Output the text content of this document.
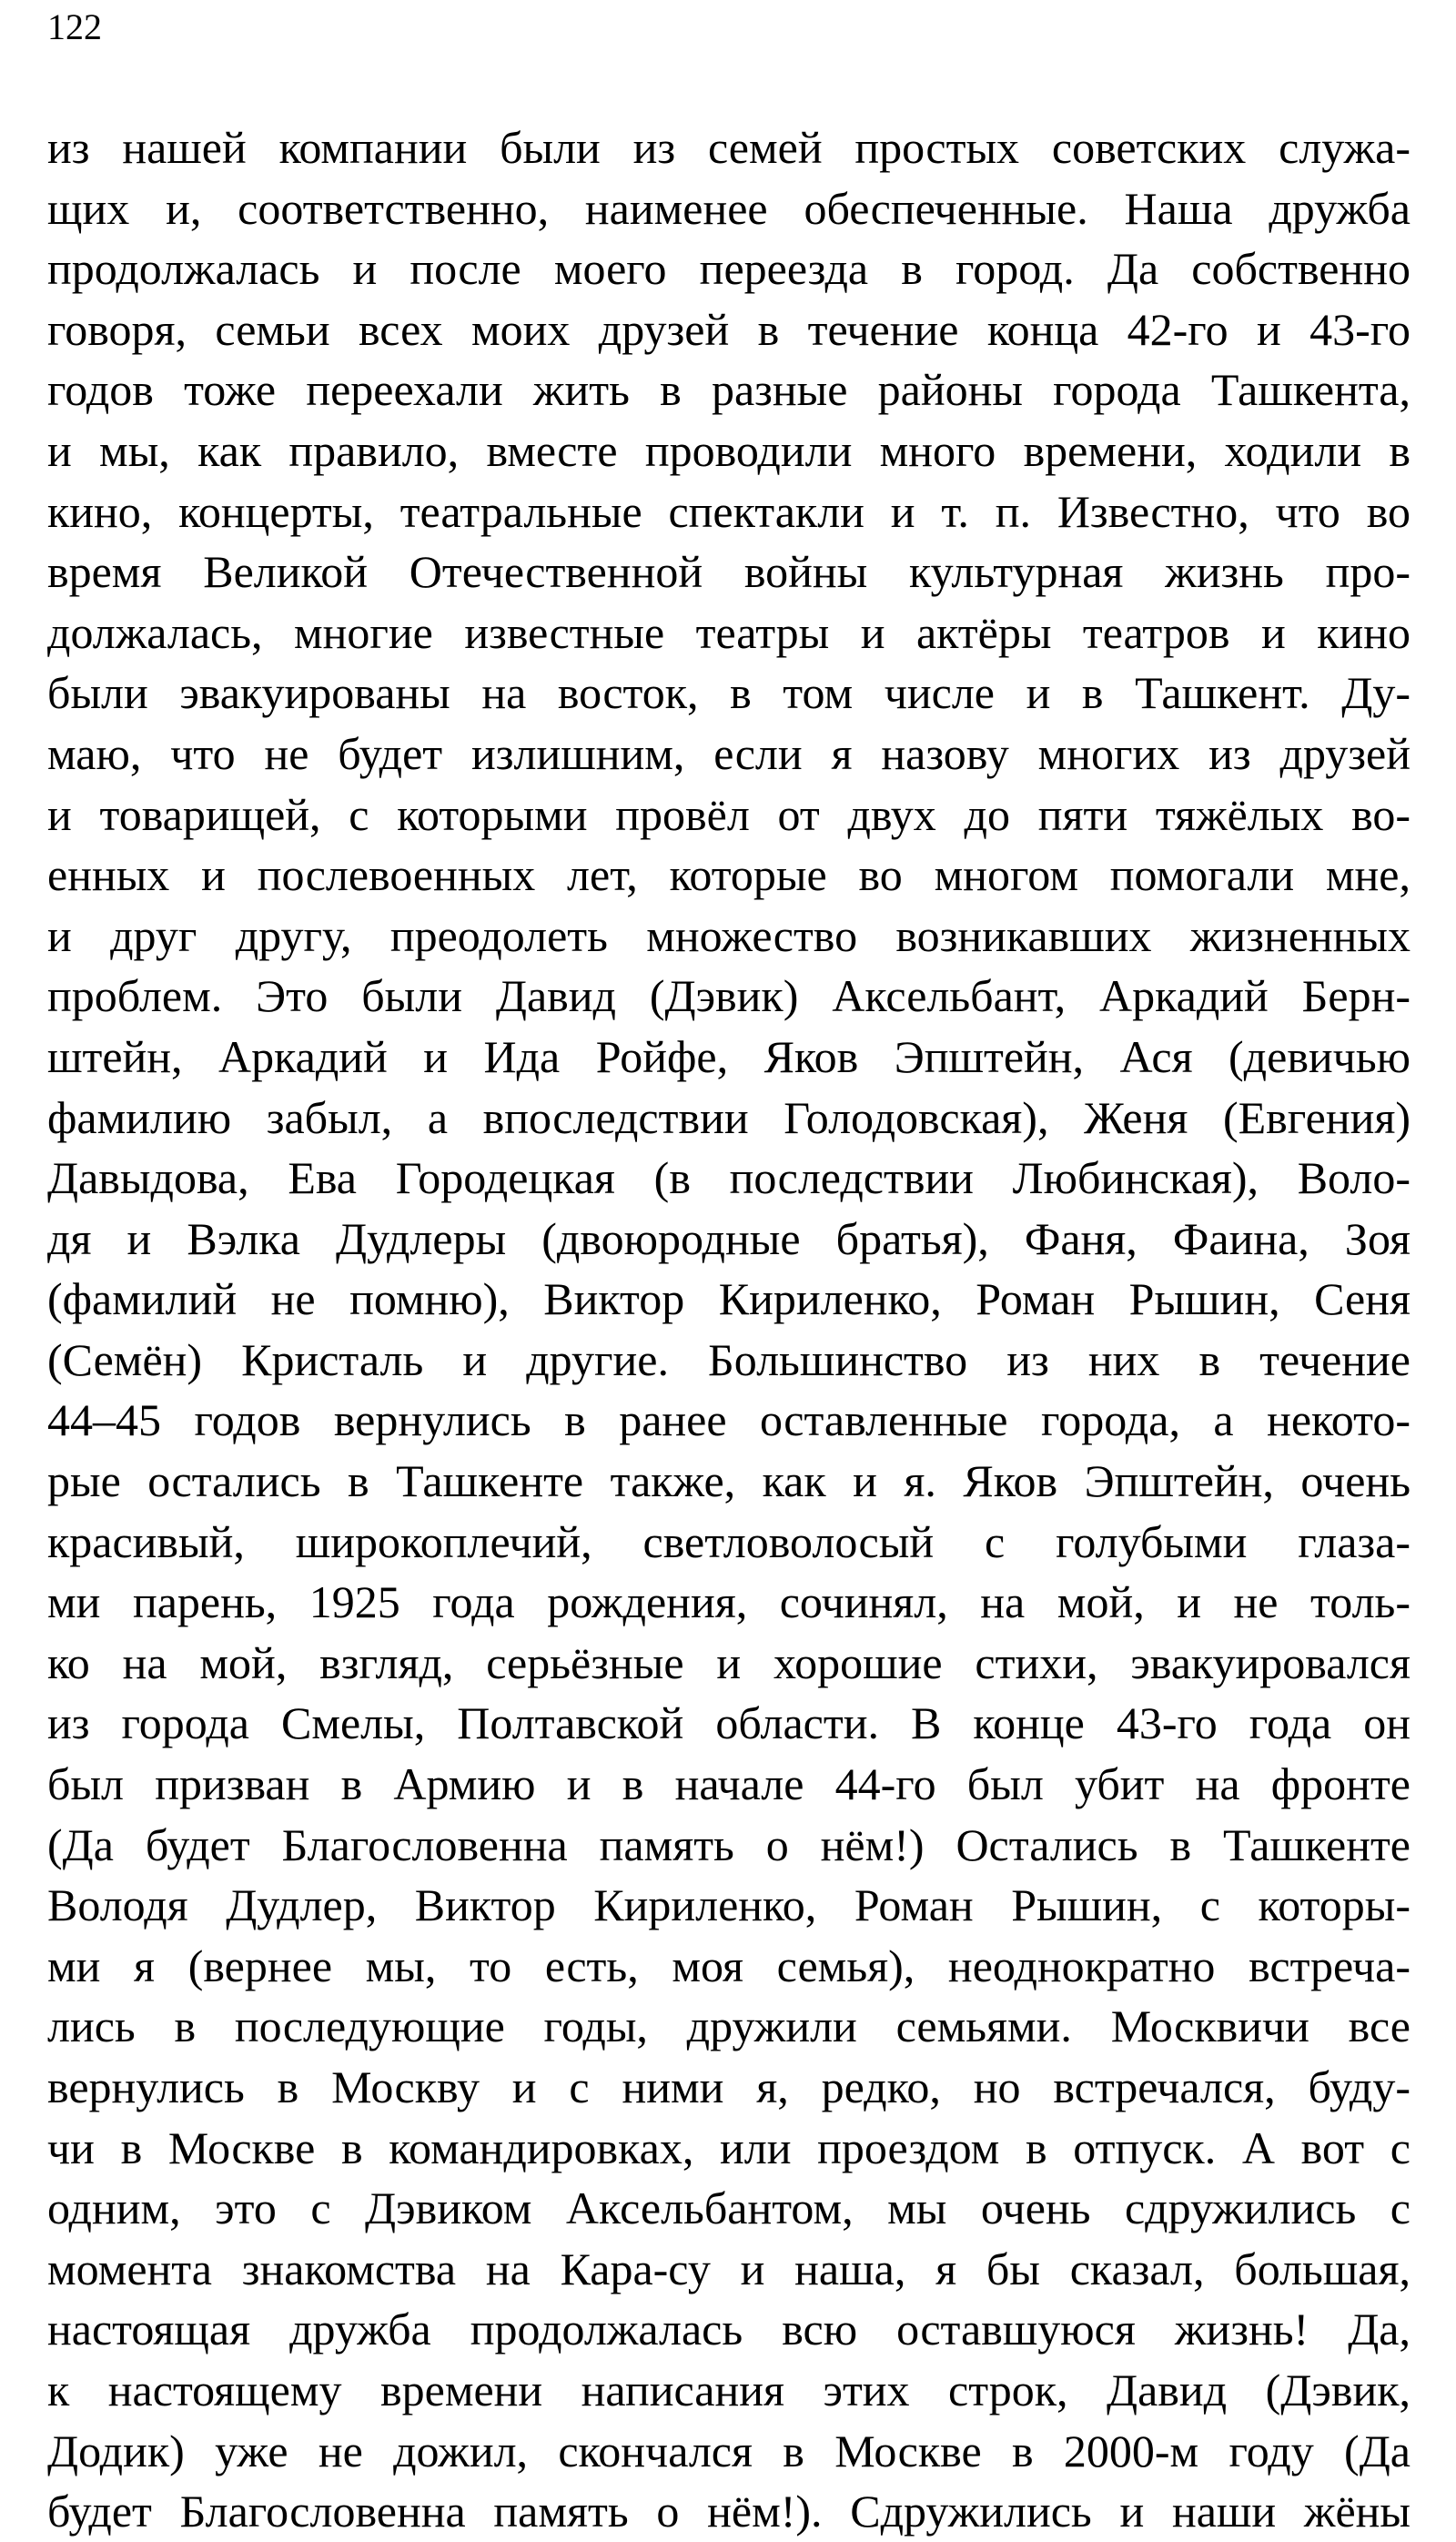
122
из нашей компании были из семей простых советских служа-
щих и, соответственно, наименее обеспеченные. Наша дружба
продолжалась и после моего переезда в город. Да собственно
говоря, семьи всех моих друзей в течение конца 42-го и 43-го
годов тоже переехали жить в разные районы города Ташкента,
и мы, как правило, вместе проводили много времени, ходили в
кино, концерты, театральные спектакли и т. п. Известно, что во
время Великой Отечественной войны культурная жизнь про-
должалась, многие известные театры и актёры театров и кино
были эвакуированы на восток, в том числе и в Ташкент. Ду-
маю, что не будет излишним, если я назову многих из друзей
и товарищей, с которыми провёл от двух до пяти тяжёлых во-
енных и послевоенных лет, которые во многом помогали мне,
и друг другу, преодолеть множество возникавших жизненных
проблем. Это были Давид (Дэвик) Аксельбант, Аркадий Берн-
штейн, Аркадий и Ида Ройфе, Яков Эпштейн, Ася (девичью
фамилию забыл, а впоследствии Голодовская), Женя (Евгения)
Давыдова, Ева Городецкая (в последствии Любинская), Воло-
дя и Вэлка Дудлеры (двоюродные братья), Фаня, Фаина, Зоя
(фамилий не помню), Виктор Кириленко, Роман Рышин, Сеня
(Семён) Кристаль и другие. Большинство из них в течение
44–45 годов вернулись в ранее оставленные города, а некото-
рые остались в Ташкенте также, как и я. Яков Эпштейн, очень
красивый, широкоплечий, светловолосый с голубыми глаза-
ми парень, 1925 года рождения, сочинял, на мой, и не толь-
ко на мой, взгляд, серьёзные и хорошие стихи, эвакуировался
из города Смелы, Полтавской области. В конце 43-го года он
был призван в Армию и в начале 44-го был убит на фронте
(Да будет Благословенна память о нём!) Остались в Ташкенте
Володя Дудлер, Виктор Кириленко, Роман Рышин, с которы-
ми я (вернее мы, то есть, моя семья), неоднократно встреча-
лись в последующие годы, дружили семьями. Москвичи все
вернулись в Москву и с ними я, редко, но встречался, буду-
чи в Москве в командировках, или проездом в отпуск. А вот с
одним, это с Дэвиком Аксельбантом, мы очень сдружились с
момента знакомства на Кара-су и наша, я бы сказал, большая,
настоящая дружба продолжалась всю оставшуюся жизнь! Да,
к настоящему времени написания этих строк, Давид (Дэвик,
Додик) уже не дожил, скончался в Москве в 2000-м году (Да
будет Благословенна память о нём!). Сдружились и наши жёны
